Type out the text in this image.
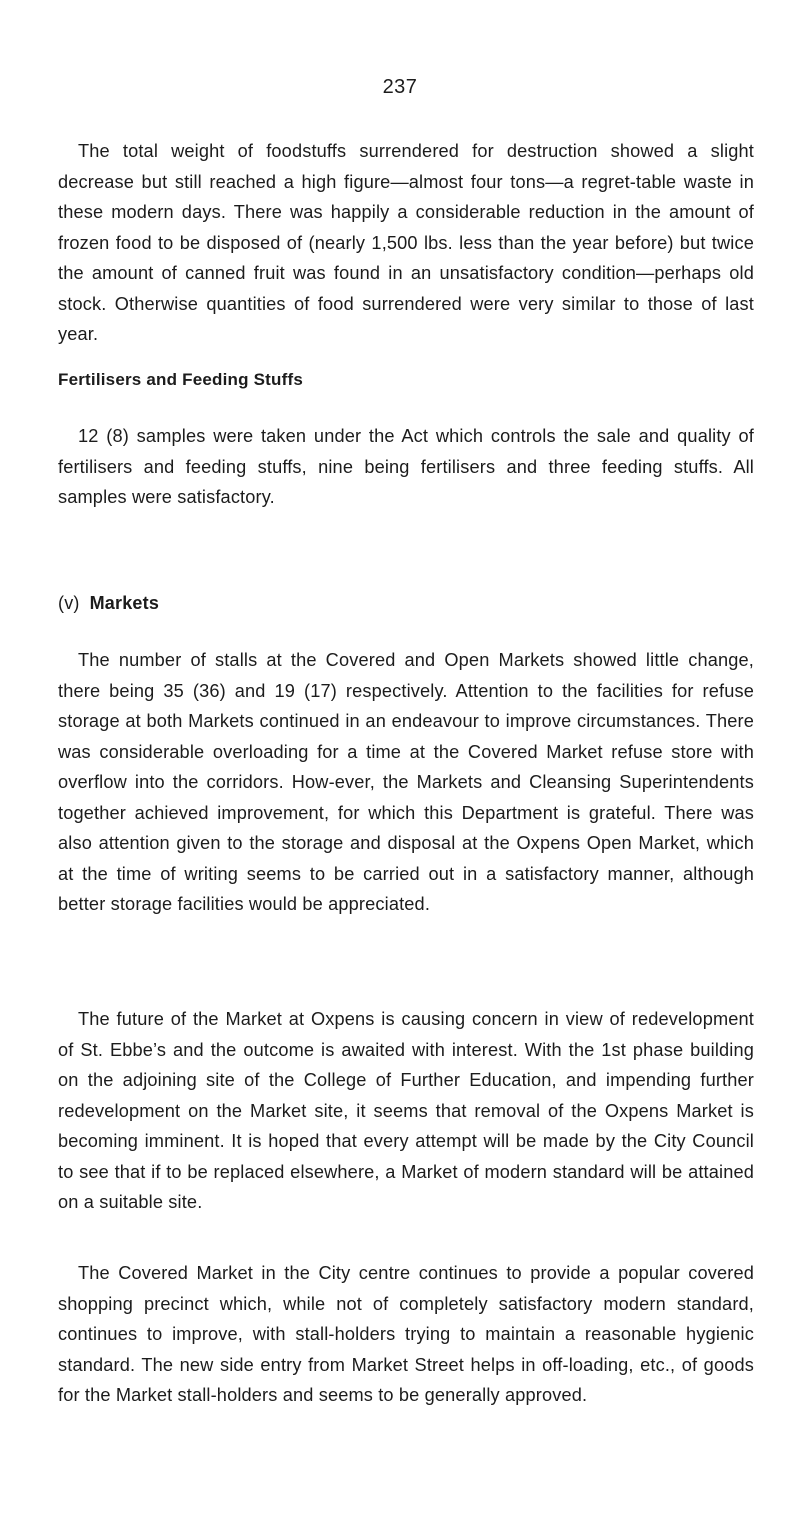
237

The total weight of foodstuffs surrendered for destruction showed a slight decrease but still reached a high figure—almost four tons—a regret-table waste in these modern days. There was happily a considerable reduction in the amount of frozen food to be disposed of (nearly 1,500 lbs. less than the year before) but twice the amount of canned fruit was found in an unsatisfactory condition—perhaps old stock. Otherwise quantities of food surrendered were very similar to those of last year.

Fertilisers and Feeding Stuffs

12 (8) samples were taken under the Act which controls the sale and quality of fertilisers and feeding stuffs, nine being fertilisers and three feeding stuffs. All samples were satisfactory.

(v) Markets

The number of stalls at the Covered and Open Markets showed little change, there being 35 (36) and 19 (17) respectively. Attention to the facilities for refuse storage at both Markets continued in an endeavour to improve circumstances. There was considerable overloading for a time at the Covered Market refuse store with overflow into the corridors. How-ever, the Markets and Cleansing Superintendents together achieved improvement, for which this Department is grateful. There was also attention given to the storage and disposal at the Oxpens Open Market, which at the time of writing seems to be carried out in a satisfactory manner, although better storage facilities would be appreciated.

The future of the Market at Oxpens is causing concern in view of redevelopment of St. Ebbe’s and the outcome is awaited with interest. With the 1st phase building on the adjoining site of the College of Further Education, and impending further redevelopment on the Market site, it seems that removal of the Oxpens Market is becoming imminent. It is hoped that every attempt will be made by the City Council to see that if to be replaced elsewhere, a Market of modern standard will be attained on a suitable site.

The Covered Market in the City centre continues to provide a popular covered shopping precinct which, while not of completely satisfactory modern standard, continues to improve, with stall-holders trying to maintain a reasonable hygienic standard. The new side entry from Market Street helps in off-loading, etc., of goods for the Market stall-holders and seems to be generally approved.
